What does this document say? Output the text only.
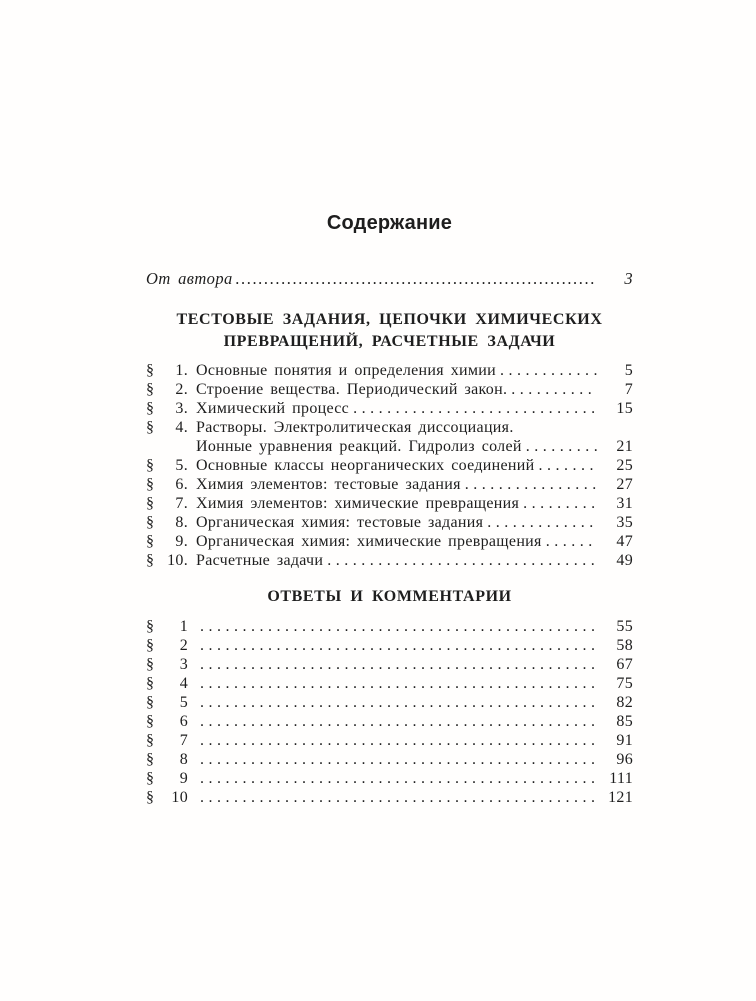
Содержание
От автора .....	3
ТЕСТОВЫЕ ЗАДАНИЯ, ЦЕПОЧКИ ХИМИЧЕСКИХ
ПРЕВРАЩЕНИЙ, РАСЧЕТНЫЕ ЗАДАЧИ
§	1. Основные понятия и определения химии .....	5
§	2. Строение вещества. Периодический закон. .....	7
§	3. Химический процесс .....	15
§	4. Растворы. Электролитическая диссоциация.
Ионные уравнения реакций. Гидролиз солей .....	21
§	5. Основные классы неорганических соединений .....	25
§	6. Химия элементов: тестовые задания .....	27
§	7. Химия элементов: химические превращения .....	31
§	8. Органическая химия: тестовые задания .....	35
§	9. Органическая химия: химические превращения .....	47
§ 10. Расчетные задачи .....	49
ОТВЕТЫ И КОММЕНТАРИИ
§	1 .....	55
§	2 .....	58
§	3 .....	67
§	4 .....	75
§	5 .....	82
§	6 .....	85
§	7 .....	91
§	8 .....	96
§	9 .....	111
§	10 .....	121
